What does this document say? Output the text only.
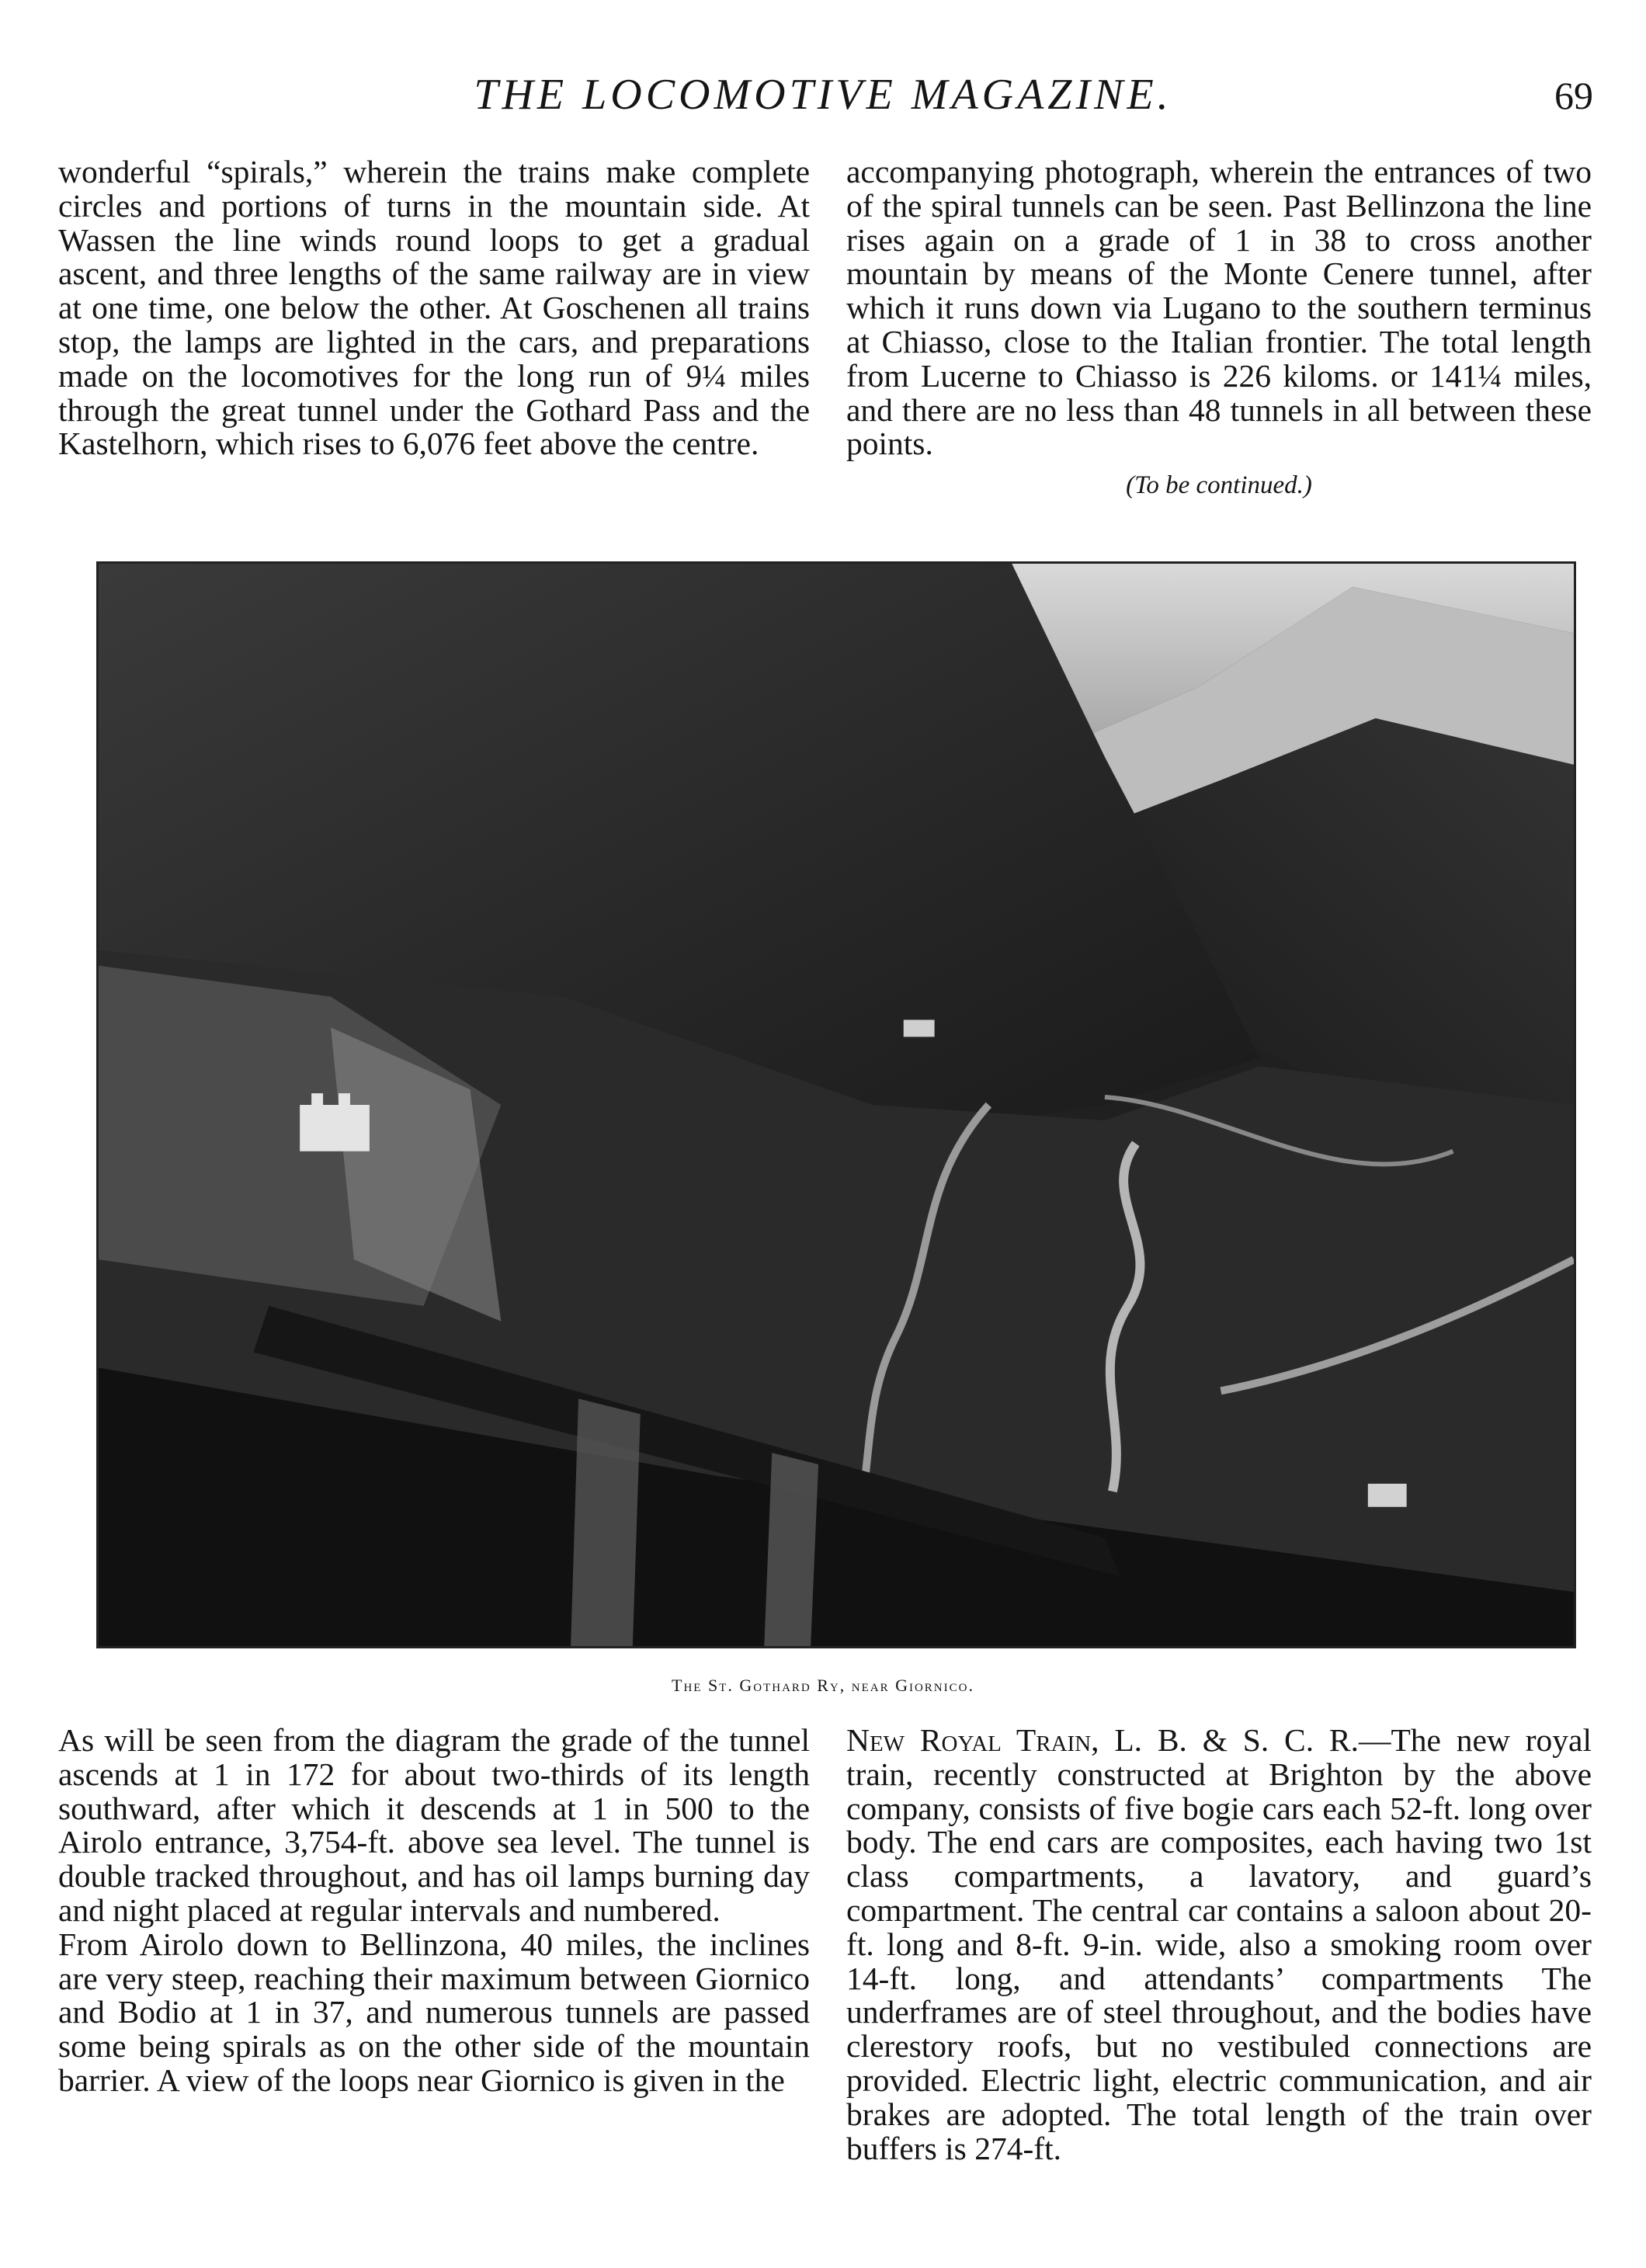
THE LOCOMOTIVE MAGAZINE.	69

wonderful “spirals,” wherein the trains make complete circles and portions of turns in the mountain side. At Wassen the line winds round loops to get a gradual ascent, and three lengths of the same railway are in view at one time, one below the other. At Goschenen all trains stop, the lamps are lighted in the cars, and preparations made on the locomotives for the long run of 9¼ miles through the great tunnel under the Gothard Pass and the Kastelhorn, which rises to 6,076 feet above the centre.

accompanying photograph, wherein the entrances of two of the spiral tunnels can be seen. Past Bellinzona the line rises again on a grade of 1 in 38 to cross another mountain by means of the Monte Cenere tunnel, after which it runs down via Lugano to the southern terminus at Chiasso, close to the Italian frontier. The total length from Lucerne to Chiasso is 226 kiloms. or 141¼ miles, and there are no less than 48 tunnels in all between these points.

(To be continued.)
The St. Gothard Ry, near Giornico.

As will be seen from the diagram the grade of the tunnel ascends at 1 in 172 for about two-thirds of its length southward, after which it descends at 1 in 500 to the Airolo entrance, 3,754-ft. above sea level. The tunnel is double tracked throughout, and has oil lamps burning day and night placed at regular intervals and numbered.

From Airolo down to Bellinzona, 40 miles, the inclines are very steep, reaching their maximum between Giornico and Bodio at 1 in 37, and numerous tunnels are passed some being spirals as on the other side of the mountain barrier. A view of the loops near Giornico is given in the

New Royal Train, L. B. & S. C. R.—The new royal train, recently constructed at Brighton by the above company, consists of five bogie cars each 52-ft. long over body. The end cars are composites, each having two 1st class compartments, a lavatory, and guard’s compartment. The central car contains a saloon about 20-ft. long and 8-ft. 9-in. wide, also a smoking room over 14-ft. long, and attendants’ compartments The underframes are of steel throughout, and the bodies have clerestory roofs, but no vestibuled connections are provided. Electric light, electric communication, and air brakes are adopted. The total length of the train over buffers is 274-ft.
